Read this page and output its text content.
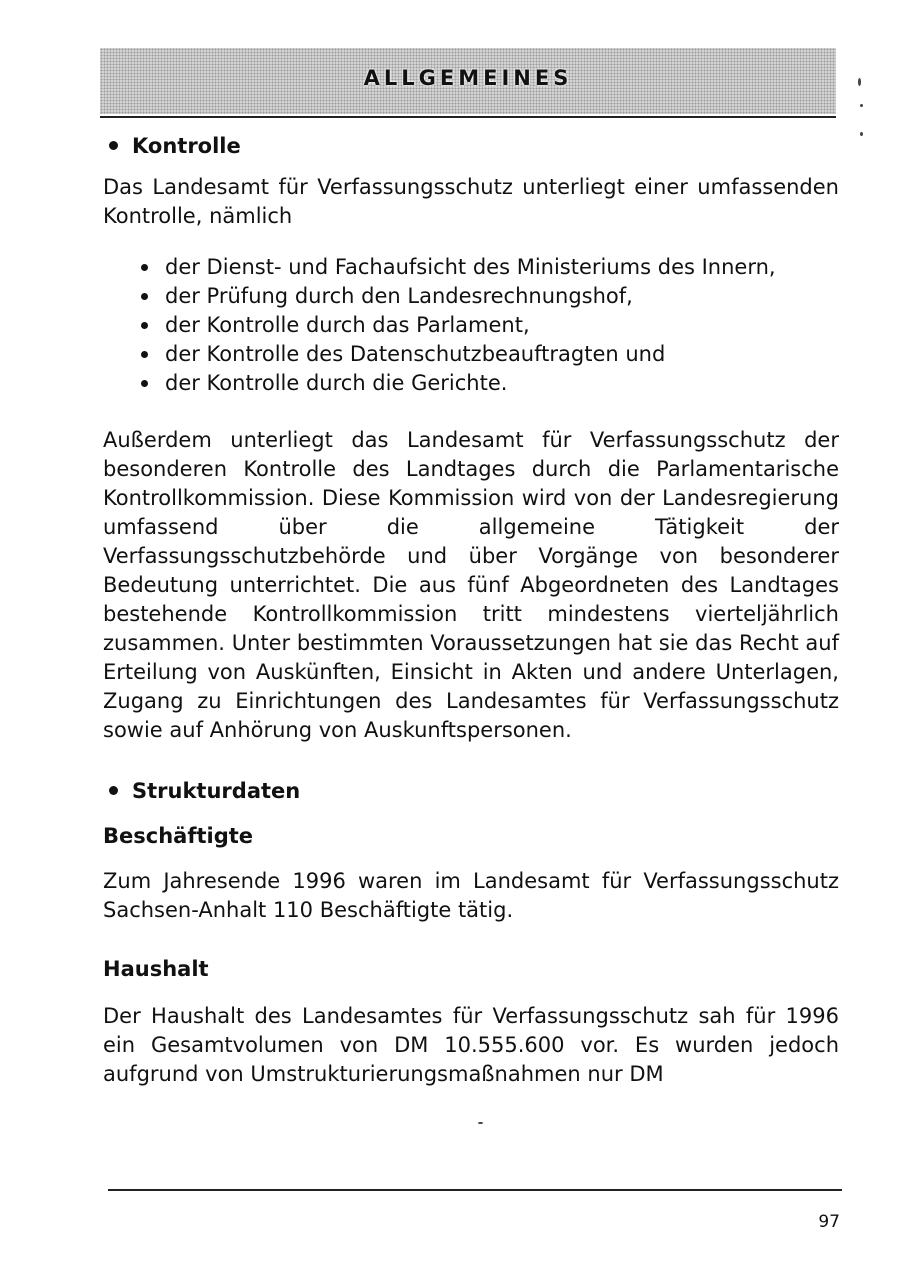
ALLGEMEINES
Kontrolle

Das Landesamt für Verfassungsschutz unterliegt einer umfassenden Kontrolle, nämlich

der Dienst- und Fachaufsicht des Ministeriums des Innern,
der Prüfung durch den Landesrechnungshof,
der Kontrolle durch das Parlament,
der Kontrolle des Datenschutzbeauftragten und
der Kontrolle durch die Gerichte.

Außerdem unterliegt das Landesamt für Verfassungsschutz der besonderen Kontrolle des Landtages durch die Parlamentarische Kontrollkommission. Diese Kommission wird von der Landesregierung umfassend über die allgemeine Tätigkeit der Verfassungsschutzbehörde und über Vorgänge von besonderer Bedeutung unterrichtet. Die aus fünf Abgeordneten des Landtages bestehende Kontrollkommission tritt mindestens vierteljährlich zusammen. Unter bestimmten Voraussetzungen hat sie das Recht auf Erteilung von Auskünften, Einsicht in Akten und andere Unterlagen, Zugang zu Einrichtungen des Landesamtes für Verfassungsschutz sowie auf Anhörung von Auskunftspersonen.

Strukturdaten
Beschäftigte

Zum Jahresende 1996 waren im Landesamt für Verfassungsschutz Sachsen-Anhalt 110 Beschäftigte tätig.

Haushalt

Der Haushalt des Landesamtes für Verfassungsschutz sah für 1996 ein Gesamtvolumen von DM 10.555.600 vor. Es wurden jedoch aufgrund von Umstrukturierungsmaßnahmen nur DM

97
